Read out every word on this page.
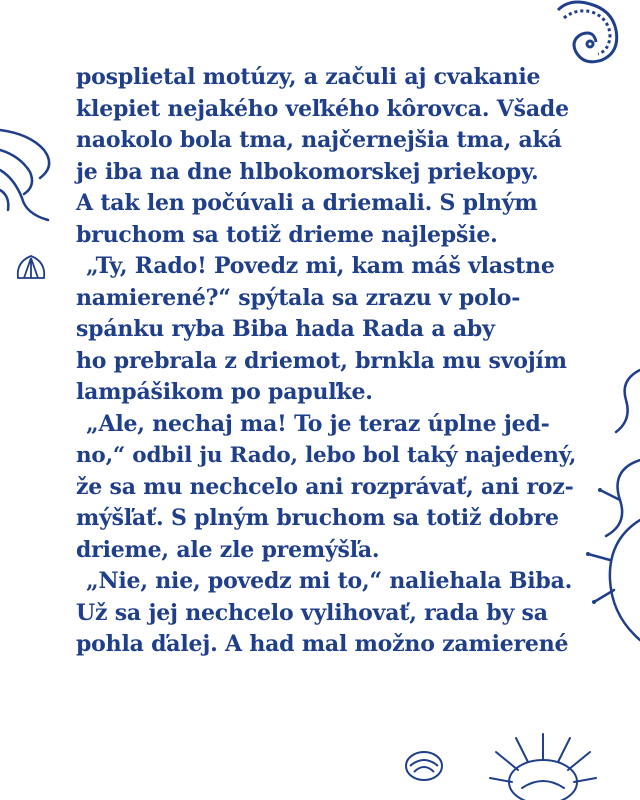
posplietal motúzy, a začuli aj cvakanie
klepiet nejakého veľkého kôrovca. Všade
naokolo bola tma, najčernejšia tma, aká
je iba na dne hlbokomorskej priekopy.
A tak len počúvali a driemali. S plným
bruchom sa totiž drieme najlepšie.
„Ty, Rado! Povedz mi, kam máš vlastne
namierené?“ spýtala sa zrazu v polo-
spánku ryba Biba hada Rada a aby
ho prebrala z driemot, brnkla mu svojím
lampášikom po papuľke.
„Ale, nechaj ma! To je teraz úplne jed-
no,“ odbil ju Rado, lebo bol taký najedený,
že sa mu nechcelo ani rozprávať, ani roz-
mýšľať. S plným bruchom sa totiž dobre
drieme, ale zle premýšľa.
„Nie, nie, povedz mi to,“ naliehala Biba.
Už sa jej nechcelo vylihovať, rada by sa
pohla ďalej. A had mal možno zamierené
